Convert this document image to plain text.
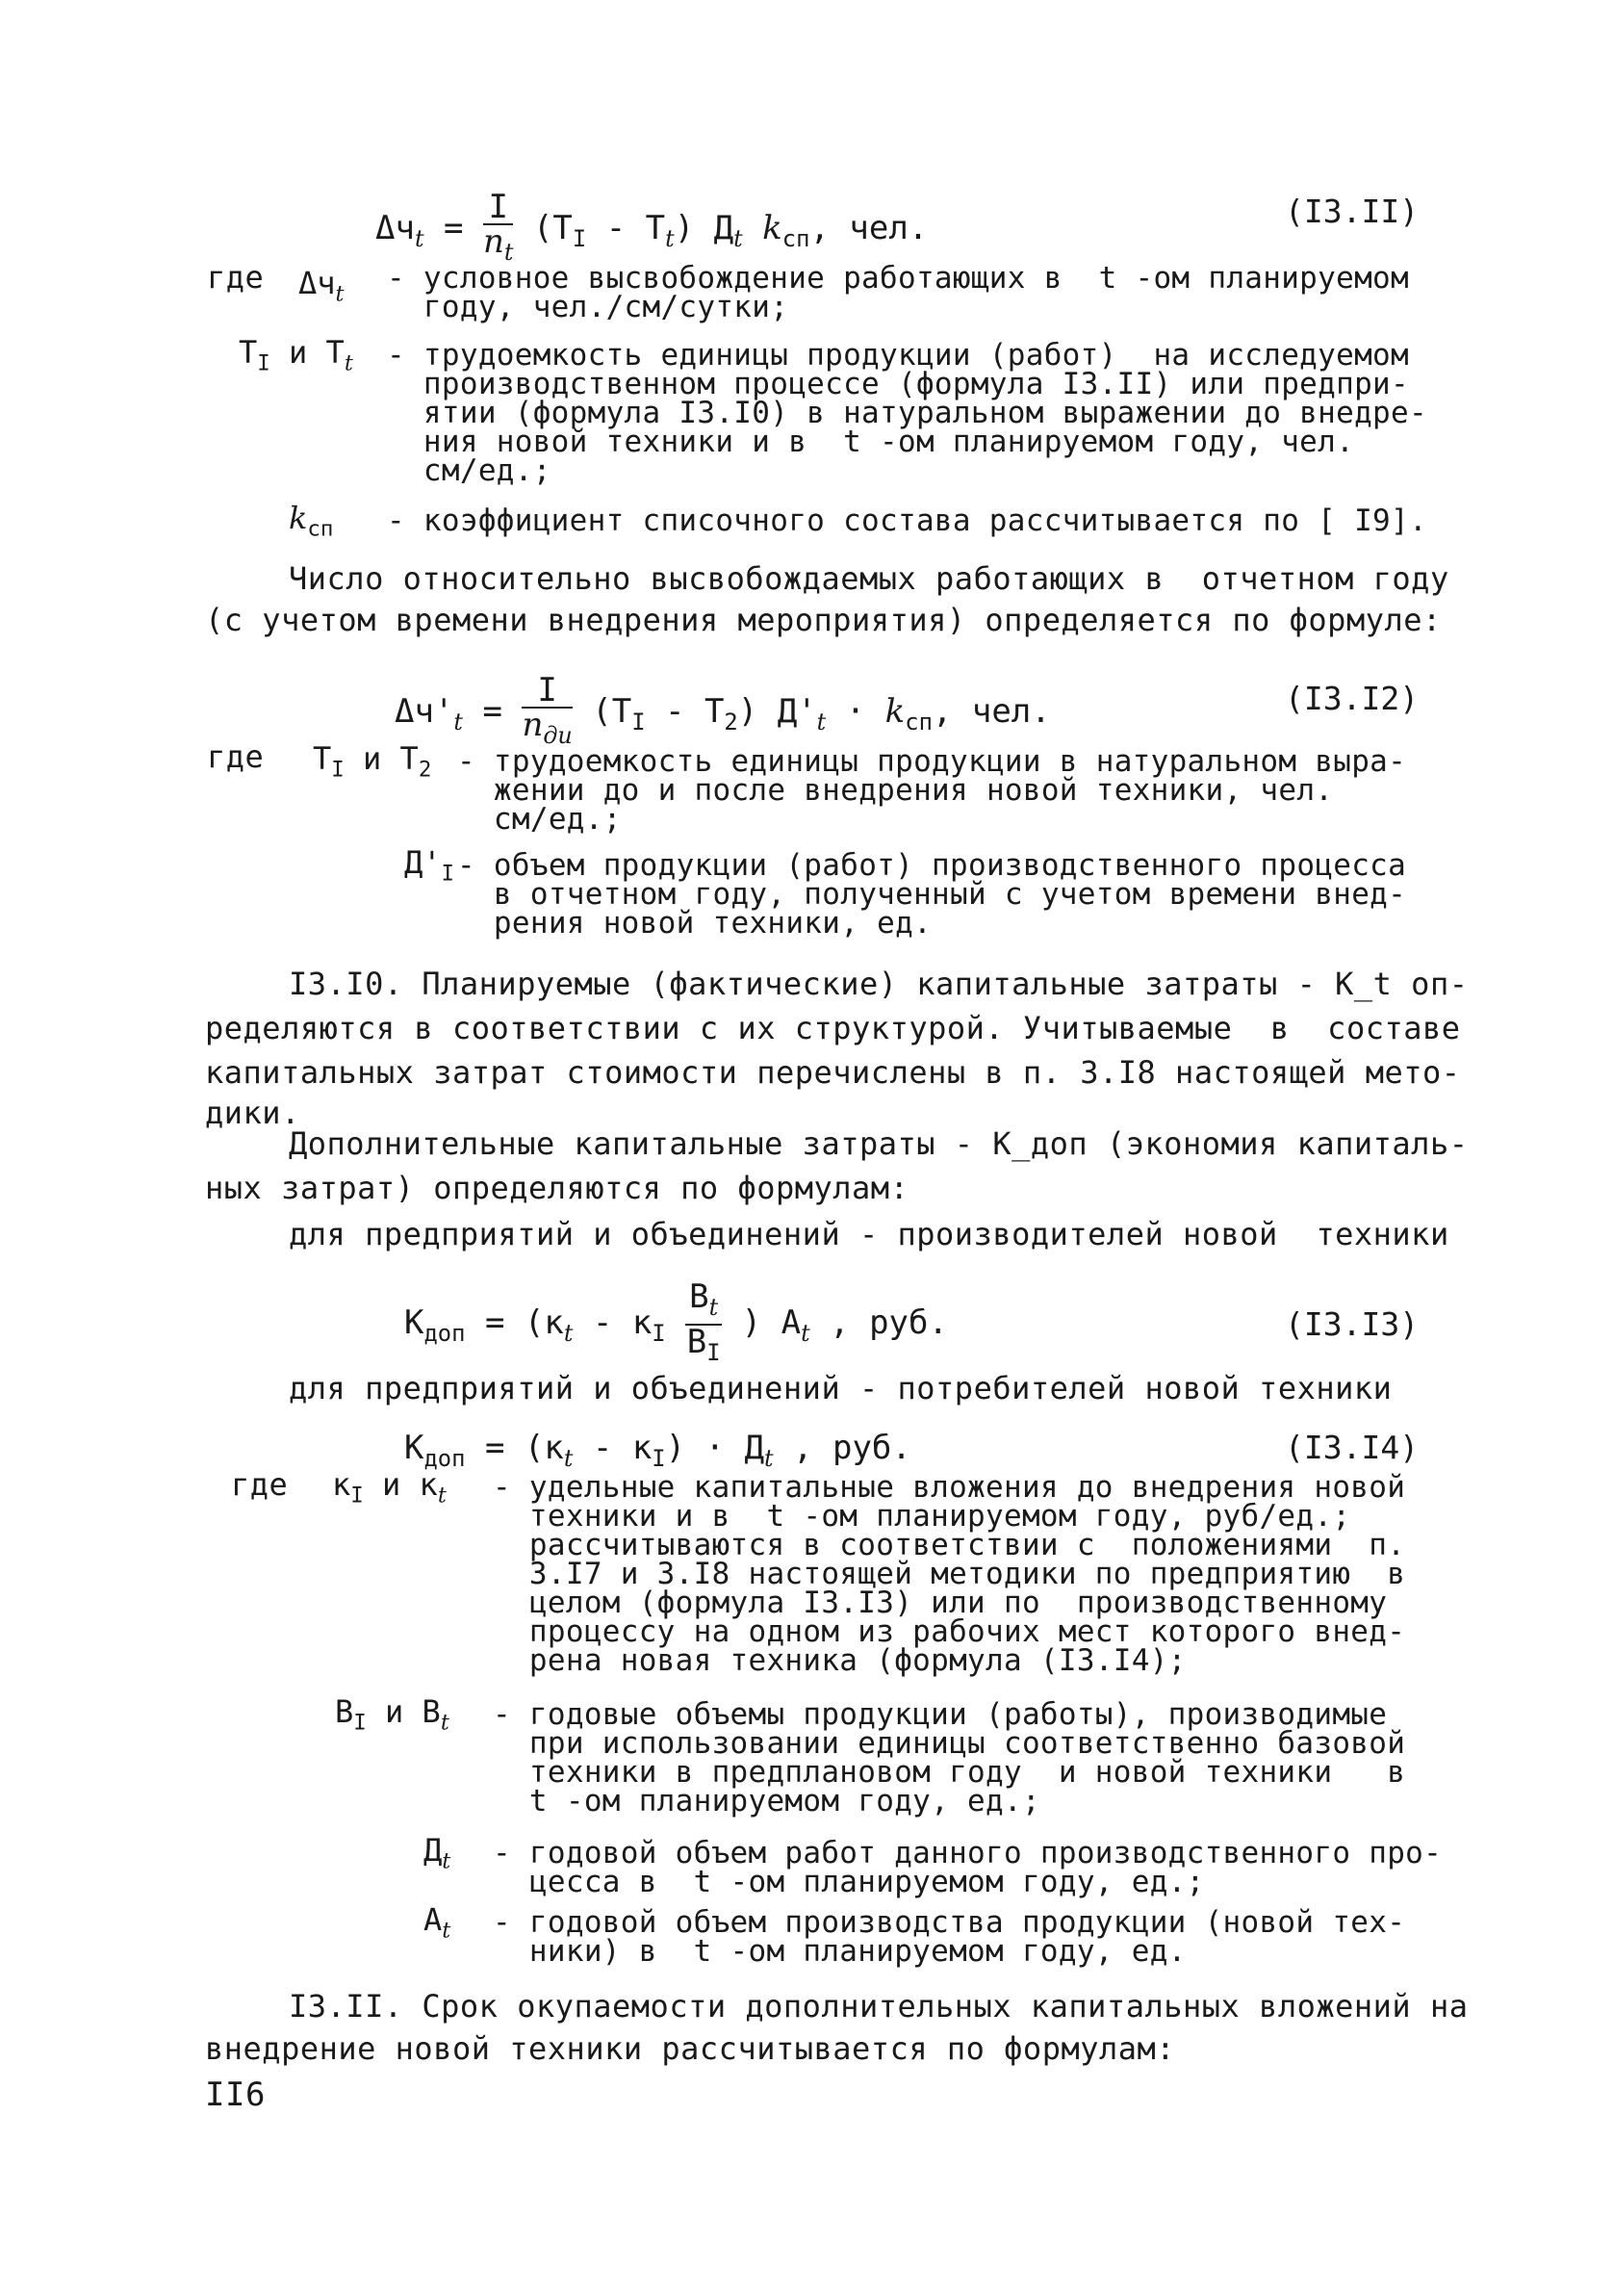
$\Delta ч_t = \frac{I}{n_t} (T_I - T_t)$ $Д_t$ $k_{сп}$, чел.	(I3.II)
где $\Delta ч_t$ - условное высвобождение работающих в  t -ом планируемом
году, чел./см/сутки;
$T_I$ и $T_t$ - трудоемкость единицы продукции (работ)  на исследуемом
производственном процессе (формула I3.II) или предпри-
ятии (формула I3.I0) в натуральном выражении до внедре-
ния новой техники и в  t -ом планируемом году, чел.
см/ед.;
$k_{сп}$ - коэффициент списочного состава рассчитывается по [ I9].
Число относительно высвобождаемых работающих в  отчетном году
(с учетом времени внедрения мероприятия) определяется по формуле:
$\Delta ч'_t = \frac{I}{n_{ди}} (T_I - T_2) Д'_t \cdot k_{сп}$, чел.	(I3.I2)
где $T_I$ и $T_2$ - трудоемкость единицы продукции в натуральном выра-
жении до и после внедрения новой техники, чел.
см/ед.;
$Д'_I$ - объем продукции (работ) производственного процесса
в отчетном году, полученный с учетом времени внед-
рения новой техники, ед.
I3.I0. Планируемые (фактические) капитальные затраты - К_t оп-
ределяются в соответствии с их структурой. Учитываемые  в  составе
капитальных затрат стоимости перечислены в п. 3.I8 настоящей мето-
дики.
Дополнительные капитальные затраты - К_доп (экономия капиталь-
ных затрат) определяются по формулам:
для предприятий и объединений - производителей новой  техники
$К_{доп} = (к_t - к_I \frac{B_t}{B_I}$ ) $A_t$ , руб.	(I3.I3)
для предприятий и объединений - потребителей новой техники
$К_{доп} = (к_t - к_I) \cdot Д_t$ , руб.	(I3.I4)
где $к_I$ и $к_t$ - удельные капитальные вложения до внедрения новой
техники и в  t -ом планируемом году, руб/ед.;
рассчитываются в соответствии с  положениями  п.
3.I7 и 3.I8 настоящей методики по предприятию  в
целом (формула I3.I3) или по  производственному
процессу на одном из рабочих мест которого внед-
рена новая техника (формула (I3.I4);
$B_I$ и $B_t$ - годовые объемы продукции (работы), производимые
при использовании единицы соответственно базовой
техники в предплановом году  и новой техники   в
t -ом планируемом году, ед.;
$Д_t$ - годовой объем работ данного производственного про-
цесса в  t -ом планируемом году, ед.;
$A_t$ - годовой объем производства продукции (новой тех-
ники) в  t -ом планируемом году, ед.
I3.II. Срок окупаемости дополнительных капитальных вложений на
внедрение новой техники рассчитывается по формулам:
II6
